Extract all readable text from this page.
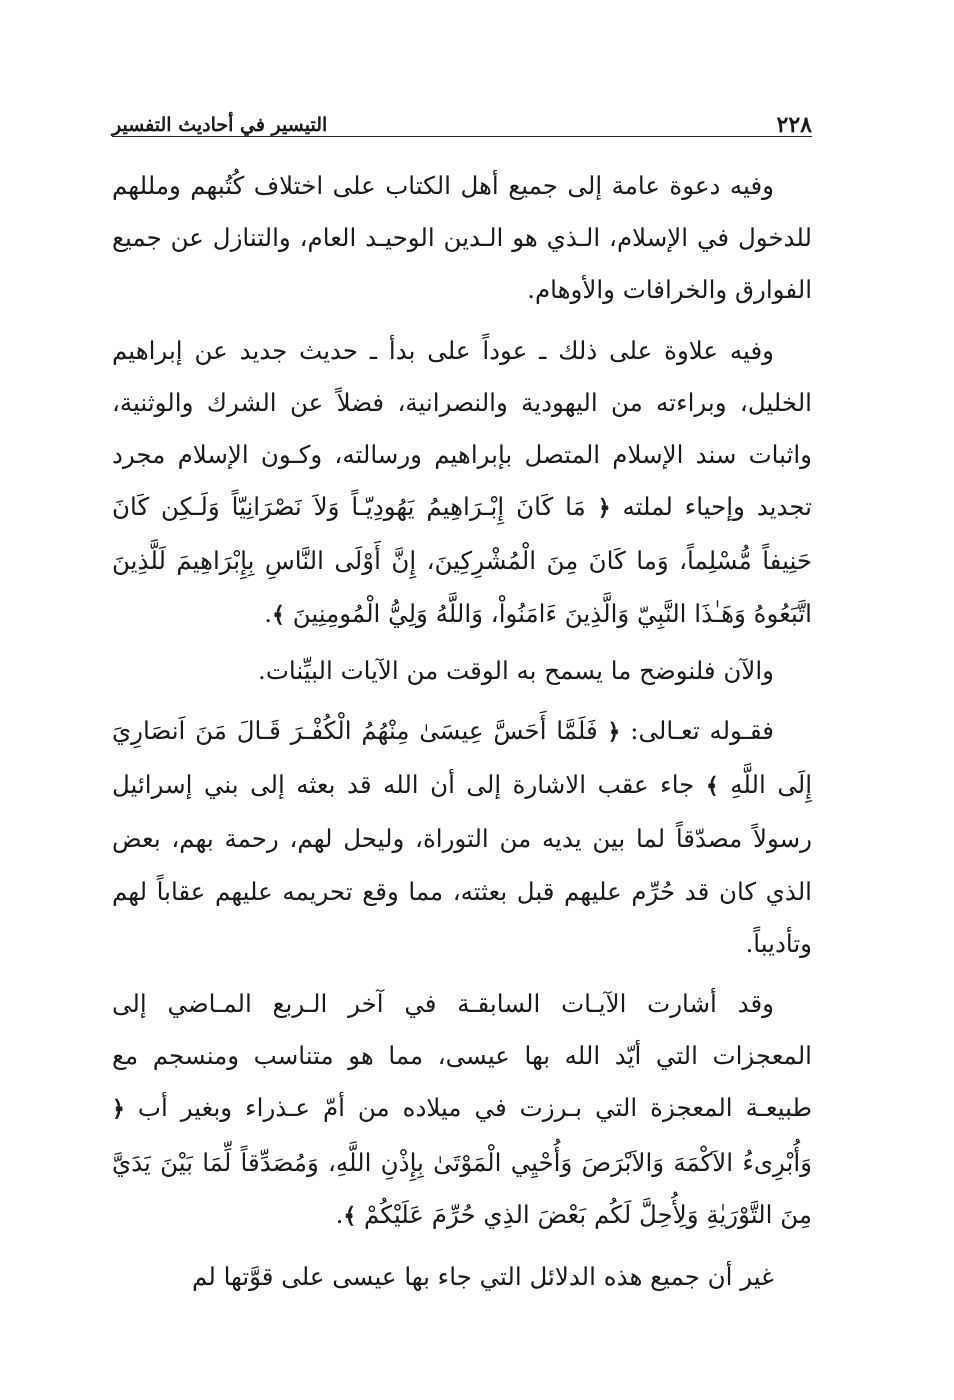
٢٢٨
التيسير في أحاديث التفسير

وفيه دعوة عامة إلى جميع أهل الكتاب على اختلاف كُتُبهم ومللهم للدخول في الإسلام، الـذي هو الـدين الوحيـد العام، والتنازل عن جميع الفوارق والخرافات والأوهام.

وفيه علاوة على ذلك ـ عوداً على بدأ ـ حديث جديد عن إبراهيم الخليل، وبراءته من اليهودية والنصرانية، فضلاً عن الشرك والوثنية، واثبات سند الإسلام المتصل بإبراهيم ورسالته، وكـون الإسلام مجرد تجديد وإحياء لملته ﴿ مَا كَانَ إِبْـرَاهِيمُ يَهُودِيّـاً وَلاَ نَصْرَانِيّاً وَلَـكِن كَانَ حَنِيفاً مُّسْلِماً، وَما كَانَ مِنَ الْمُشْرِكِينَ، إِنَّ أَوْلَى النَّاسِ بِإِبْرَاهِيمَ لَلَّذِينَ اتَّبَعُوهُ وَهَـٰذَا النَّبِيّ وَالَّذِينَ ءَامَنُواْ، وَاللَّهُ وَلِيُّ الْمُومِنِينَ ﴾.

والآن فلنوضح ما يسمح به الوقت من الآيات البيِّنات.

فقـوله تعـالى: ﴿ فَلَمَّا أَحَسَّ عِيسَىٰ مِنْهُمُ الْكُفْـرَ قَـالَ مَنَ اَنصَارِيَ إِلَى اللَّهِ ﴾ جاء عقب الاشارة إلى أن الله قد بعثه إلى بني إسرائيل رسولاً مصدّقاً لما بين يديه من التوراة، وليحل لهم، رحمة بهم، بعض الذي كان قد حُرِّم عليهم قبل بعثته، مما وقع تحريمه عليهم عقاباً لهم وتأديباً.

وقد أشارت الآيـات السابقـة في آخر الـربع المـاضي إلى المعجزات التي أيّد الله بها عيسى، مما هو متناسب ومنسجم مع طبيعـة المعجزة التي بـرزت في ميلاده من أمّ عـذراء وبغير أب ﴿ وَأُبْرِىءُ الاَكْمَهَ وَالاَبْرَصَ وَأُحْيِي الْمَوْتَىٰ بِإِذْنِ اللَّهِ، وَمُصَدِّقاً لِّمَا بَيْنَ يَدَيَّ مِنَ التَّوْرَيٰةِ وَلِأُحِلَّ لَكُم بَعْضَ الذِي حُرِّمَ عَلَيْكُمْ ﴾.

غير أن جميع هذه الدلائل التي جاء بها عيسى على قوَّتها لم
